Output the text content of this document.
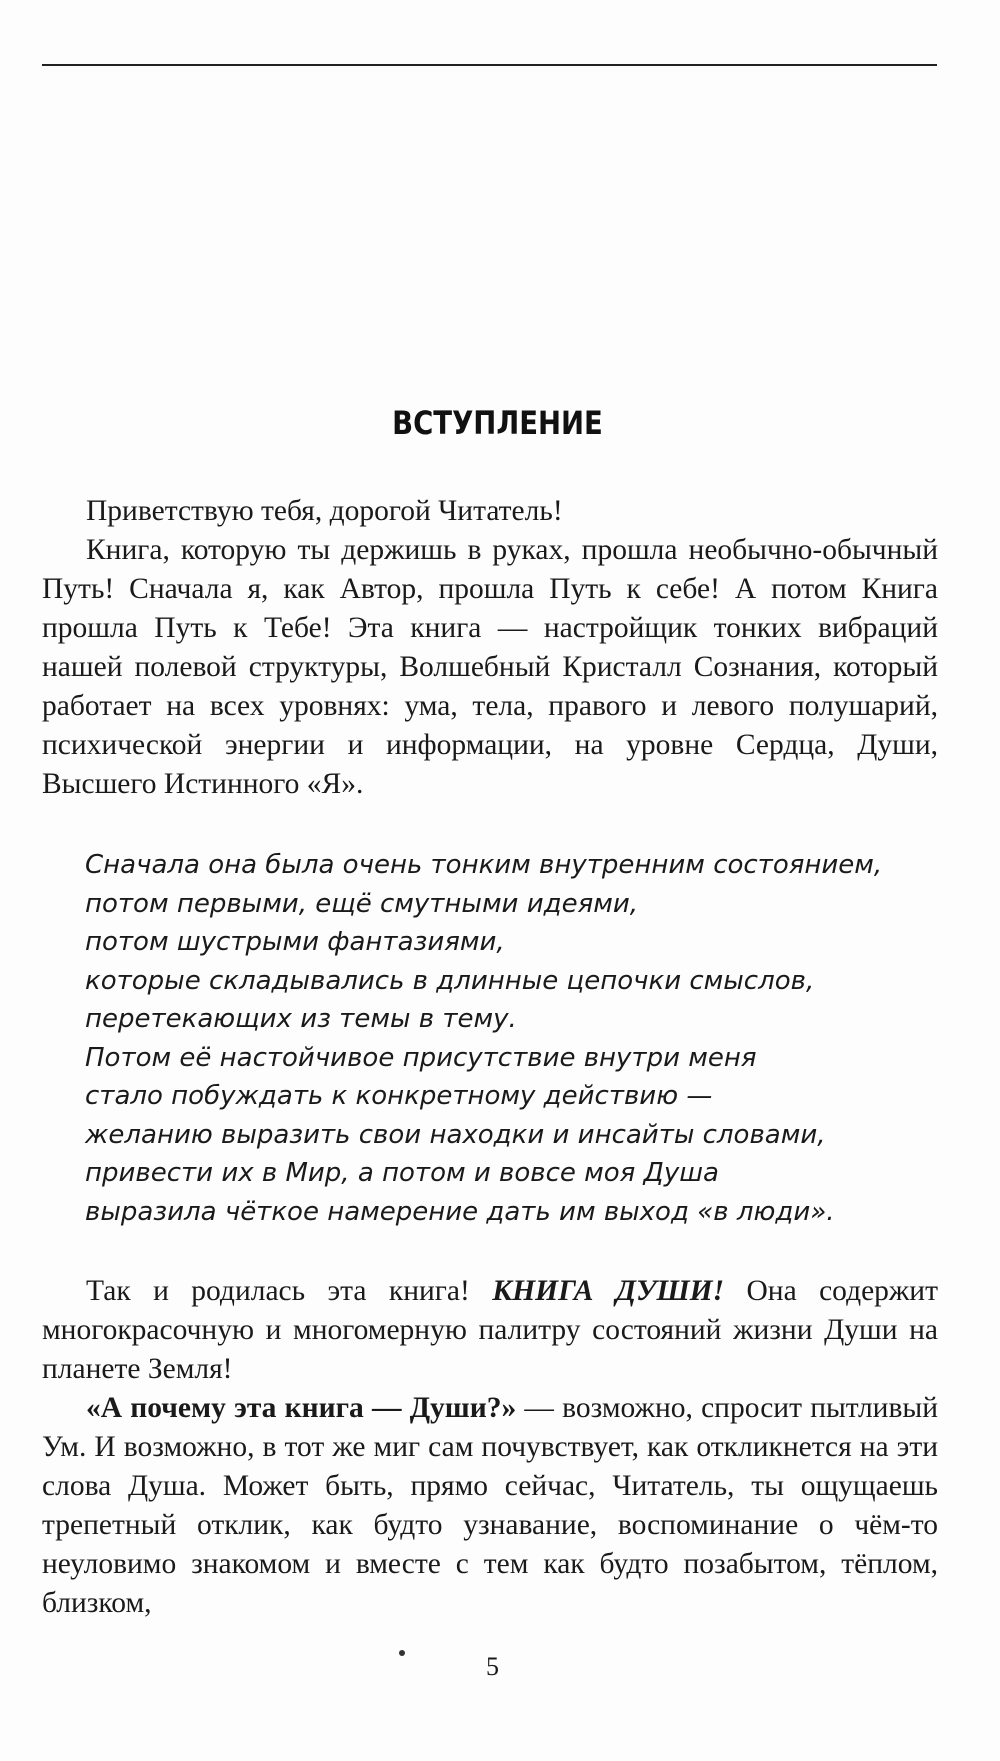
ВСТУПЛЕНИЕ

Приветствую тебя, дорогой Читатель!

Книга, которую ты держишь в руках, прошла необычно-обычный Путь! Сначала я, как Автор, прошла Путь к себе! А потом Книга прошла Путь к Тебе! Эта книга — настройщик тонких вибраций нашей полевой структуры, Волшебный Кристалл Сознания, который работает на всех уровнях: ума, тела, правого и левого полушарий, психической энергии и информации, на уровне Сердца, Души, Высшего Истинного «Я».

Сначала она была очень тонким внутренним состоянием,
потом первыми, ещё смутными идеями,
потом шустрыми фантазиями,
которые складывались в длинные цепочки смыслов,
перетекающих из темы в тему.
Потом её настойчивое присутствие внутри меня
стало побуждать к конкретному действию —
желанию выразить свои находки и инсайты словами,
привести их в Мир, а потом и вовсе моя Душа
выразила чёткое намерение дать им выход «в люди».

Так и родилась эта книга! КНИГА ДУШИ! Она содержит многокрасочную и многомерную палитру состояний жизни Души на планете Земля!

«А почему эта книга — Души?» — возможно, спросит пытливый Ум. И возможно, в тот же миг сам почувствует, как откликнется на эти слова Душа. Может быть, прямо сейчас, Читатель, ты ощущаешь трепетный отклик, как будто узнавание, воспоминание о чём-то неуловимо знакомом и вместе с тем как будто позабытом, тёплом, близком,

5
